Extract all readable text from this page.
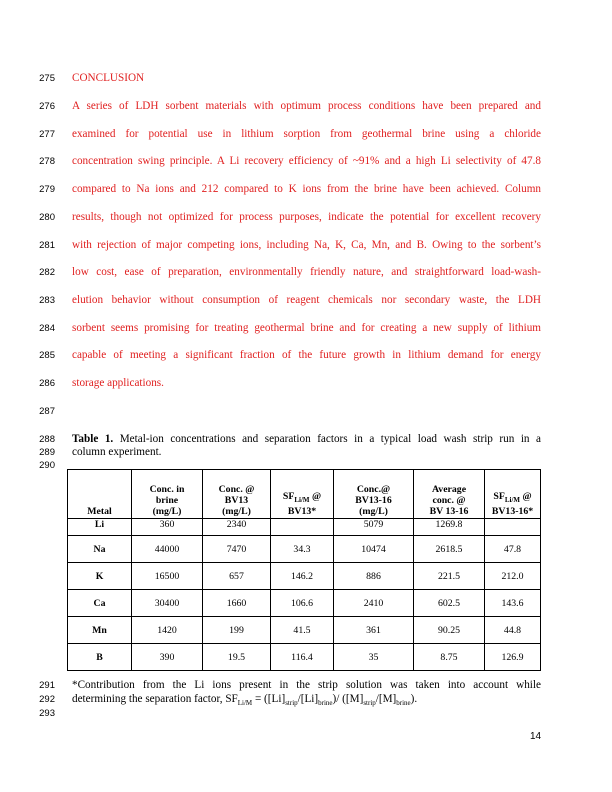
275 CONCLUSION
276 A series of LDH sorbent materials with optimum process conditions have been prepared and
277 examined for potential use in lithium sorption from geothermal brine using a chloride
278 concentration swing principle. A Li recovery efficiency of ~91% and a high Li selectivity of 47.8
279 compared to Na ions and 212 compared to K ions from the brine have been achieved. Column
280 results, though not optimized for process purposes, indicate the potential for excellent recovery
281 with rejection of major competing ions, including Na, K, Ca, Mn, and B. Owing to the sorbent’s
282 low cost, ease of preparation, environmentally friendly nature, and straightforward load-wash-
283 elution behavior without consumption of reagent chemicals nor secondary waste, the LDH
284 sorbent seems promising for treating geothermal brine and for creating a new supply of lithium
285 capable of meeting a significant fraction of the future growth in lithium demand for energy
286 storage applications.
287
288
289
290
Table 1. Metal-ion concentrations and separation factors in a typical load wash strip run in a
column experiment.
Metal	Conc. in
brine
(mg/L)	Conc. @
BV13
(mg/L)	$SF_{Li/M}$ @
BV13*	Conc.@
BV13-16
(mg/L)	Average
conc. @
BV 13-16	$SF_{Li/M}$ @
BV13-16*
Li	360	2340		5079	1269.8	
Na	44000	7470	34.3	10474	2618.5	47.8
K	16500	657	146.2	886	221.5	212.0
Ca	30400	1660	106.6	2410	602.5	143.6
Mn	1420	199	41.5	361	90.25	44.8
B	390	19.5	116.4	35	8.75	126.9
291
292
293
*Contribution from the Li ions present in the strip solution was taken into account while
determining the separation factor, $SF_{Li/M} = ([Li]_{strip}/[Li]_{brine})/$ $([M]_{strip}/[M]_{brine})$.
14
